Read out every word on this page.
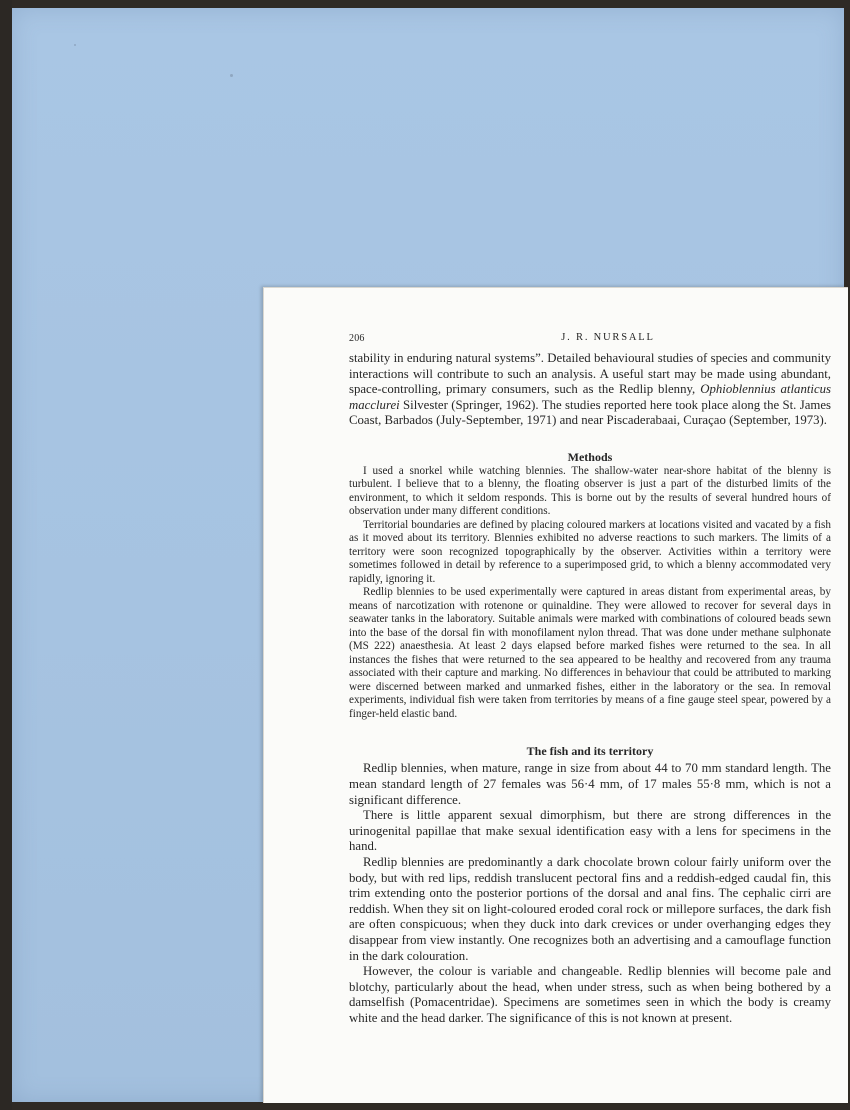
206	J. R. NURSALL

stability in enduring natural systems”. Detailed behavioural studies of species and community interactions will contribute to such an analysis. A useful start may be made using abundant, space-controlling, primary consumers, such as the Redlip blenny, Ophioblennius atlanticus macclurei Silvester (Springer, 1962). The studies reported here took place along the St. James Coast, Barbados (July-September, 1971) and near Piscaderabaai, Curaçao (September, 1973).

Methods

I used a snorkel while watching blennies. The shallow-water near-shore habitat of the blenny is turbulent. I believe that to a blenny, the floating observer is just a part of the disturbed limits of the environment, to which it seldom responds. This is borne out by the results of several hundred hours of observation under many different conditions.

Territorial boundaries are defined by placing coloured markers at locations visited and vacated by a fish as it moved about its territory. Blennies exhibited no adverse reactions to such markers. The limits of a territory were soon recognized topographically by the observer. Activities within a territory were sometimes followed in detail by reference to a superimposed grid, to which a blenny accommodated very rapidly, ignoring it.

Redlip blennies to be used experimentally were captured in areas distant from experimental areas, by means of narcotization with rotenone or quinaldine. They were allowed to recover for several days in seawater tanks in the laboratory. Suitable animals were marked with combinations of coloured beads sewn into the base of the dorsal fin with monofilament nylon thread. That was done under methane sulphonate (MS 222) anaesthesia. At least 2 days elapsed before marked fishes were returned to the sea. In all instances the fishes that were returned to the sea appeared to be healthy and recovered from any trauma associated with their capture and marking. No differences in behaviour that could be attributed to marking were discerned between marked and unmarked fishes, either in the laboratory or the sea. In removal experiments, individual fish were taken from territories by means of a fine gauge steel spear, powered by a finger-held elastic band.

The fish and its territory

Redlip blennies, when mature, range in size from about 44 to 70 mm standard length. The mean standard length of 27 females was 56·4 mm, of 17 males 55·8 mm, which is not a significant difference.

There is little apparent sexual dimorphism, but there are strong differences in the urinogenital papillae that make sexual identification easy with a lens for specimens in the hand.

Redlip blennies are predominantly a dark chocolate brown colour fairly uniform over the body, but with red lips, reddish translucent pectoral fins and a reddish-edged caudal fin, this trim extending onto the posterior portions of the dorsal and anal fins. The cephalic cirri are reddish. When they sit on light-coloured eroded coral rock or millepore surfaces, the dark fish are often conspicuous; when they duck into dark crevices or under overhanging edges they disappear from view instantly. One recognizes both an advertising and a camouflage function in the dark colouration.

However, the colour is variable and changeable. Redlip blennies will become pale and blotchy, particularly about the head, when under stress, such as when being bothered by a damselfish (Pomacentridae). Specimens are sometimes seen in which the body is creamy white and the head darker. The significance of this is not known at present.
